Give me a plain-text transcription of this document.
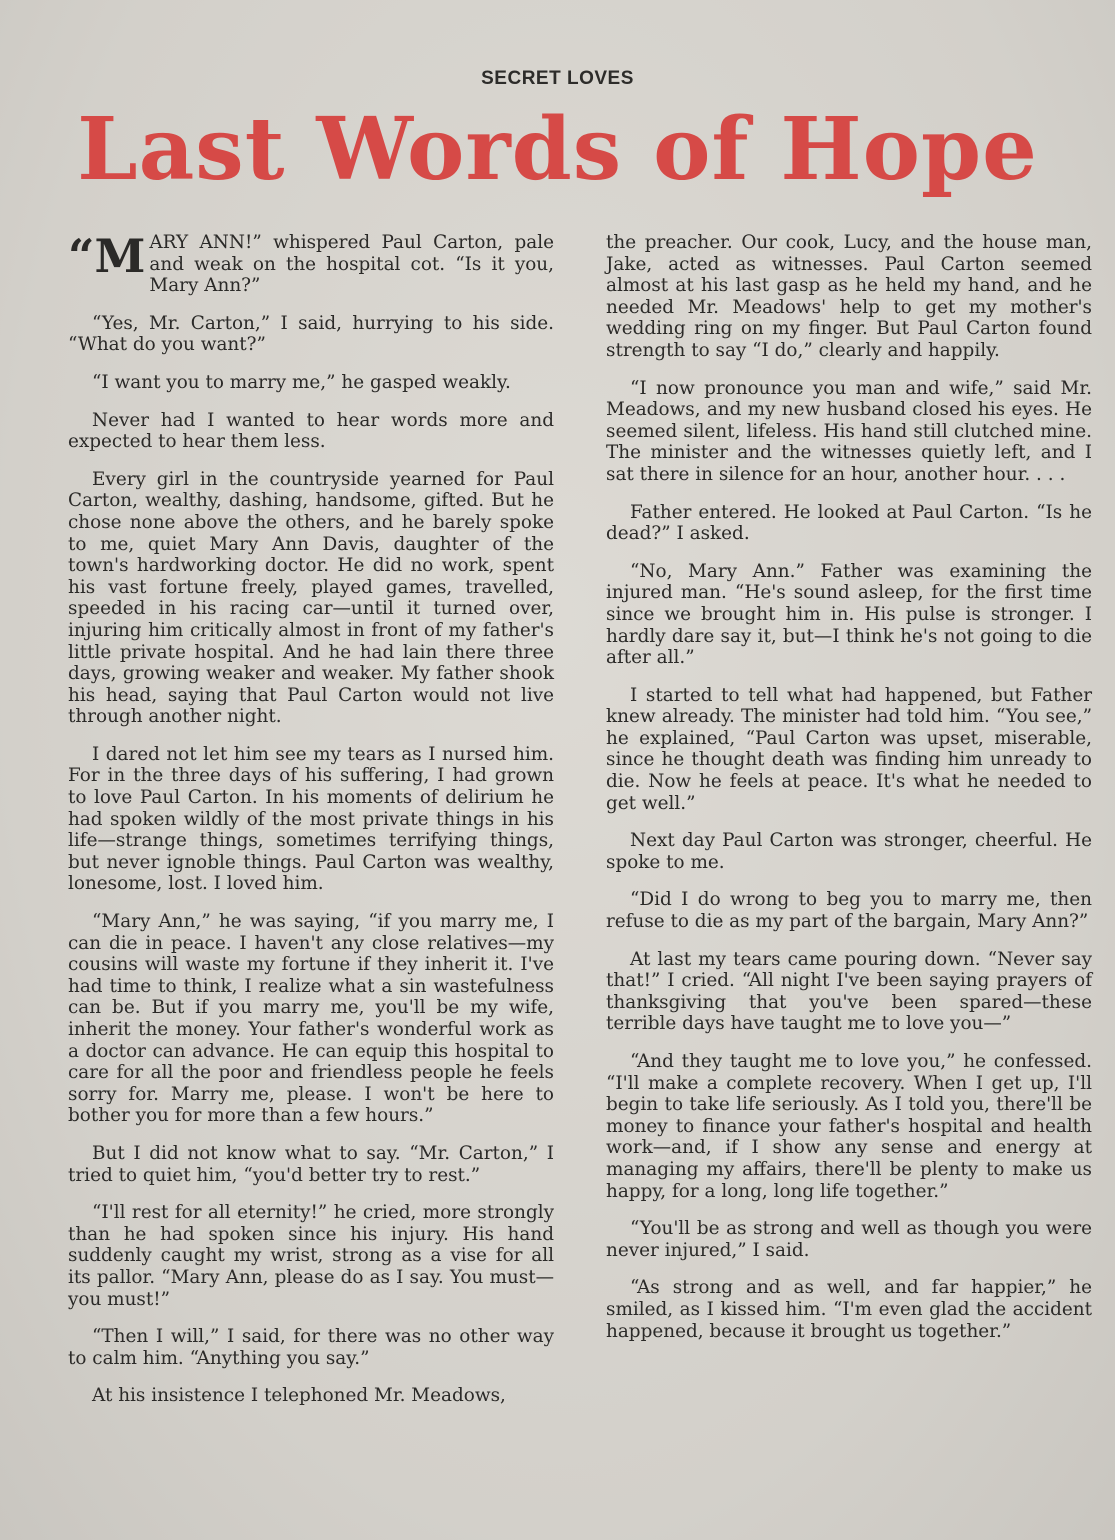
SECRET LOVES
Last Words of Hope

“M ARY ANN!” whispered Paul Carton, pale and weak on the hospital cot. “Is it you, Mary Ann?”

“Yes, Mr. Carton,” I said, hurrying to his side. “What do you want?”

“I want you to marry me,” he gasped weakly.

Never had I wanted to hear words more and expected to hear them less.

Every girl in the countryside yearned for Paul Carton, wealthy, dashing, handsome, gifted. But he chose none above the others, and he barely spoke to me, quiet Mary Ann Davis, daughter of the town's hardworking doctor. He did no work, spent his vast fortune freely, played games, travelled, speeded in his racing car—until it turned over, injuring him critically almost in front of my father's little private hospital. And he had lain there three days, growing weaker and weaker. My father shook his head, saying that Paul Carton would not live through another night.

I dared not let him see my tears as I nursed him. For in the three days of his suffering, I had grown to love Paul Carton. In his moments of delirium he had spoken wildly of the most private things in his life—strange things, sometimes terrifying things, but never ignoble things. Paul Carton was wealthy, lonesome, lost. I loved him.

“Mary Ann,” he was saying, “if you marry me, I can die in peace. I haven't any close relatives—my cousins will waste my fortune if they inherit it. I've had time to think, I realize what a sin wastefulness can be. But if you marry me, you'll be my wife, inherit the money. Your father's wonderful work as a doctor can advance. He can equip this hospital to care for all the poor and friendless people he feels sorry for. Marry me, please. I won't be here to bother you for more than a few hours.”

But I did not know what to say. “Mr. Carton,” I tried to quiet him, “you'd better try to rest.”

“I'll rest for all eternity!” he cried, more strongly than he had spoken since his injury. His hand suddenly caught my wrist, strong as a vise for all its pallor. “Mary Ann, please do as I say. You must—you must!”

“Then I will,” I said, for there was no other way to calm him. “Anything you say.”

At his insistence I telephoned Mr. Meadows,

the preacher. Our cook, Lucy, and the house man, Jake, acted as witnesses. Paul Carton seemed almost at his last gasp as he held my hand, and he needed Mr. Meadows' help to get my mother's wedding ring on my finger. But Paul Carton found strength to say “I do,” clearly and happily.

“I now pronounce you man and wife,” said Mr. Meadows, and my new husband closed his eyes. He seemed silent, lifeless. His hand still clutched mine. The minister and the witnesses quietly left, and I sat there in silence for an hour, another hour. . . .

Father entered. He looked at Paul Carton. “Is he dead?” I asked.

“No, Mary Ann.” Father was examining the injured man. “He's sound asleep, for the first time since we brought him in. His pulse is stronger. I hardly dare say it, but—I think he's not going to die after all.”

I started to tell what had happened, but Father knew already. The minister had told him. “You see,” he explained, “Paul Carton was upset, miserable, since he thought death was finding him unready to die. Now he feels at peace. It's what he needed to get well.”

Next day Paul Carton was stronger, cheerful. He spoke to me.

“Did I do wrong to beg you to marry me, then refuse to die as my part of the bargain, Mary Ann?”

At last my tears came pouring down. “Never say that!” I cried. “All night I've been saying prayers of thanksgiving that you've been spared—these terrible days have taught me to love you—”

“And they taught me to love you,” he confessed. “I'll make a complete recovery. When I get up, I'll begin to take life seriously. As I told you, there'll be money to finance your father's hospital and health work—and, if I show any sense and energy at managing my affairs, there'll be plenty to make us happy, for a long, long life together.”

“You'll be as strong and well as though you were never injured,” I said.

“As strong and as well, and far happier,” he smiled, as I kissed him. “I'm even glad the accident happened, because it brought us together.”
